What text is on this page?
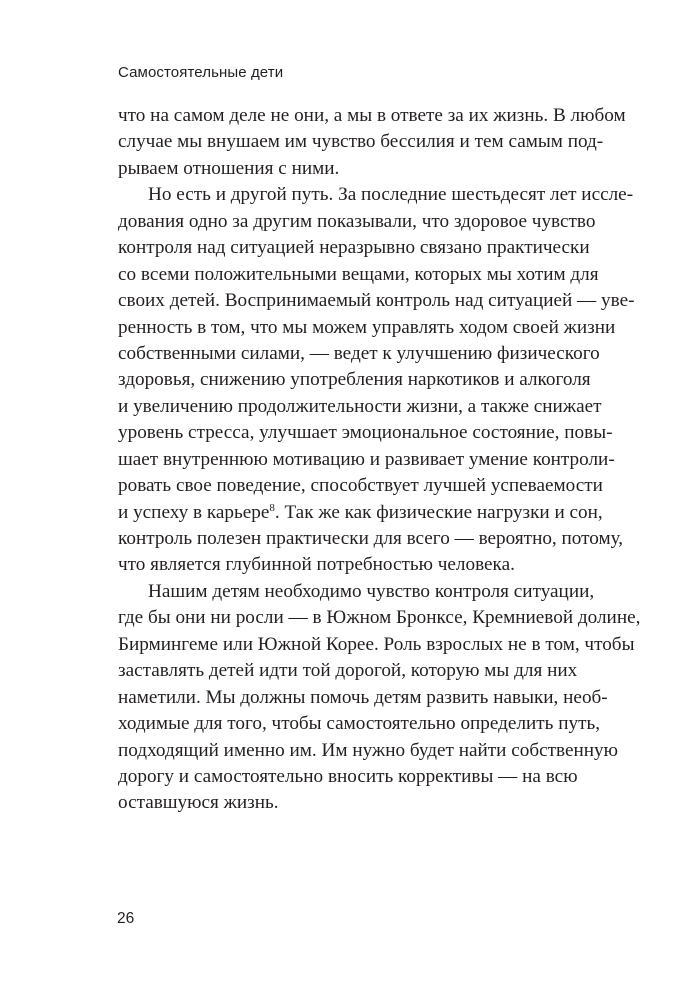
Самостоятельные дети
что на самом деле не они, а мы в ответе за их жизнь. В любом
случае мы внушаем им чувство бессилия и тем самым под-
рываем отношения с ними.
Но есть и другой путь. За последние шестьдесят лет иссле-
дования одно за другим показывали, что здоровое чувство
контроля над ситуацией неразрывно связано практически
со всеми положительными вещами, которых мы хотим для
своих детей. Воспринимаемый контроль над ситуацией — уве-
ренность в том, что мы можем управлять ходом своей жизни
собственными силами, — ведет к улучшению физического
здоровья, снижению употребления наркотиков и алкоголя
и увеличению продолжительности жизни, а также снижает
уровень стресса, улучшает эмоциональное состояние, повы-
шает внутреннюю мотивацию и развивает умение контроли-
ровать свое поведение, способствует лучшей успеваемости
и успеху в карьере$^8$. Так же как физические нагрузки и сон,
контроль полезен практически для всего — вероятно, потому,
что является глубинной потребностью человека.
Нашим детям необходимо чувство контроля ситуации,
где бы они ни росли — в Южном Бронксе, Кремниевой долине,
Бирмингеме или Южной Корее. Роль взрослых не в том, чтобы
заставлять детей идти той дорогой, которую мы для них
наметили. Мы должны помочь детям развить навыки, необ-
ходимые для того, чтобы самостоятельно определить путь,
подходящий именно им. Им нужно будет найти собственную
дорогу и самостоятельно вносить коррективы — на всю
оставшуюся жизнь.
26
